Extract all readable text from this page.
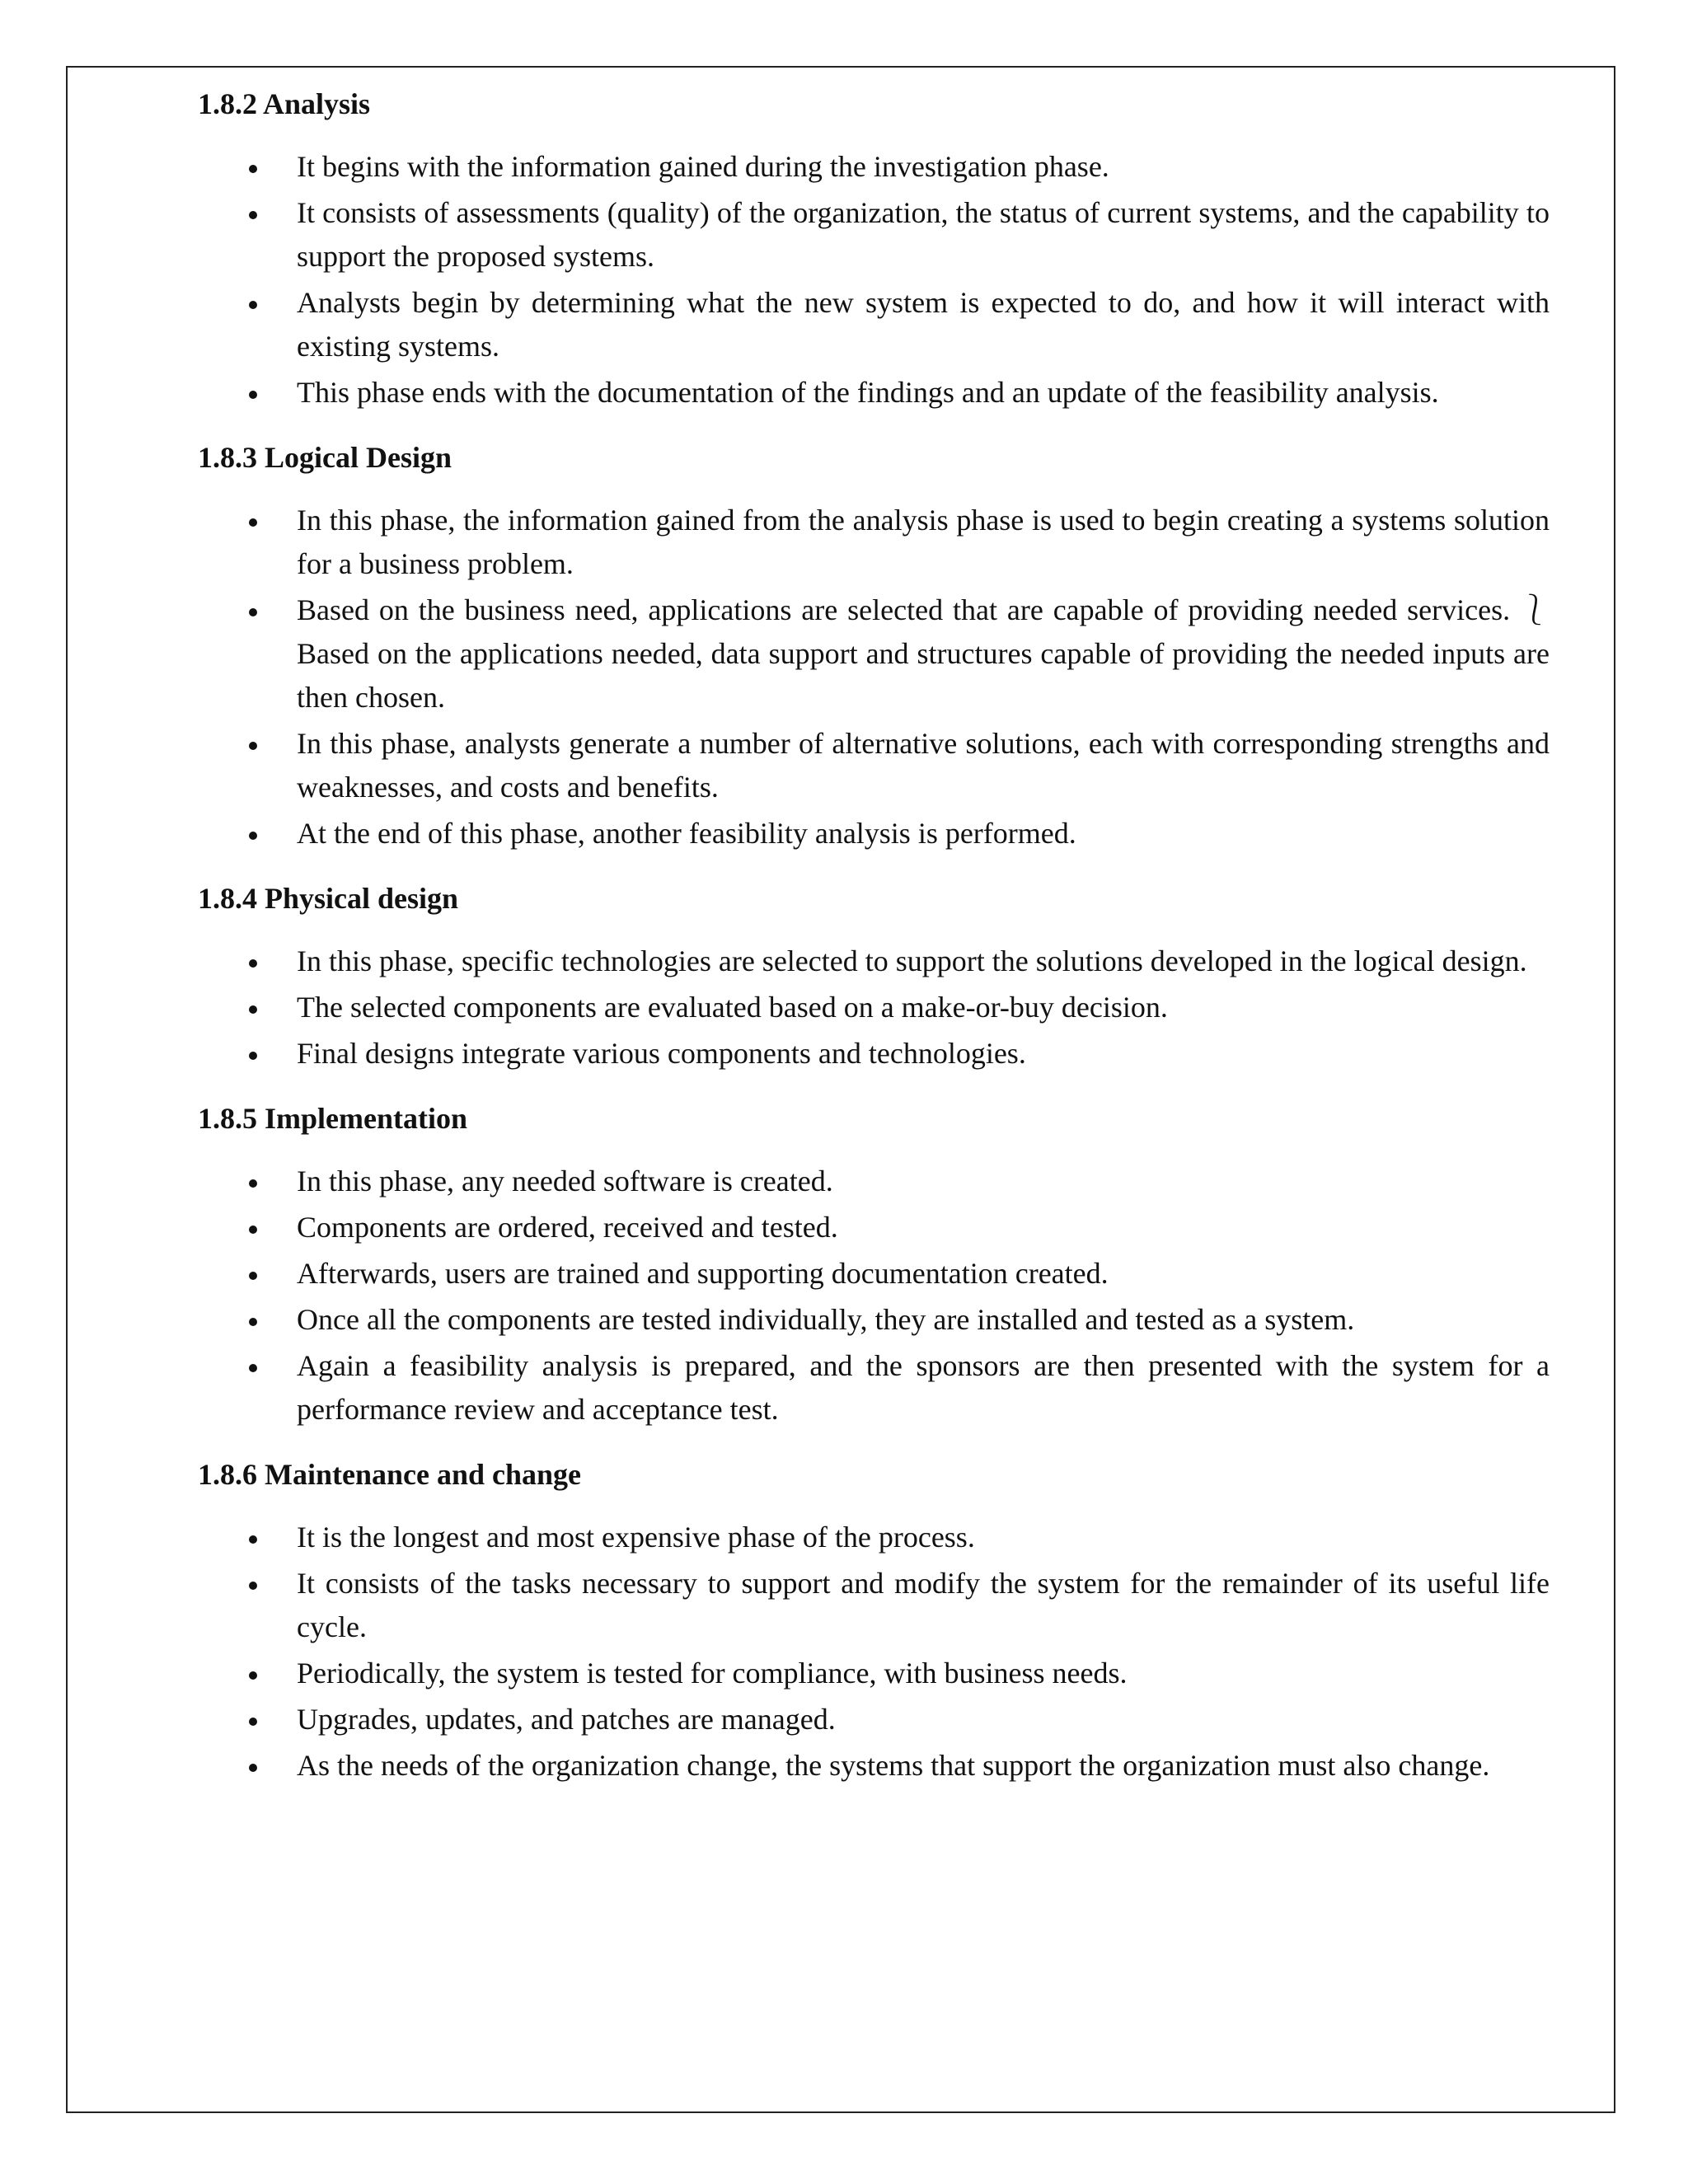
1.8.2 Analysis
It begins with the information gained during the investigation phase.
It consists of assessments (quality) of the organization, the status of current systems, and the capability to support the proposed systems.
Analysts begin by determining what the new system is expected to do, and how it will interact with existing systems.
This phase ends with the documentation of the findings and an update of the feasibility analysis.
1.8.3 Logical Design
In this phase, the information gained from the analysis phase is used to begin creating a systems solution for a business problem.
Based on the business need, applications are selected that are capable of providing needed services. ⎱ Based on the applications needed, data support and structures capable of providing the needed inputs are then chosen.
In this phase, analysts generate a number of alternative solutions, each with corresponding strengths and weaknesses, and costs and benefits.
At the end of this phase, another feasibility analysis is performed.
1.8.4 Physical design
In this phase, specific technologies are selected to support the solutions developed in the logical design.
The selected components are evaluated based on a make-or-buy decision.
Final designs integrate various components and technologies.
1.8.5 Implementation
In this phase, any needed software is created.
Components are ordered, received and tested.
Afterwards, users are trained and supporting documentation created.
Once all the components are tested individually, they are installed and tested as a system.
Again a feasibility analysis is prepared, and the sponsors are then presented with the system for a performance review and acceptance test.
1.8.6 Maintenance and change
It is the longest and most expensive phase of the process.
It consists of the tasks necessary to support and modify the system for the remainder of its useful life cycle.
Periodically, the system is tested for compliance, with business needs.
Upgrades, updates, and patches are managed.
As the needs of the organization change, the systems that support the organization must also change.
